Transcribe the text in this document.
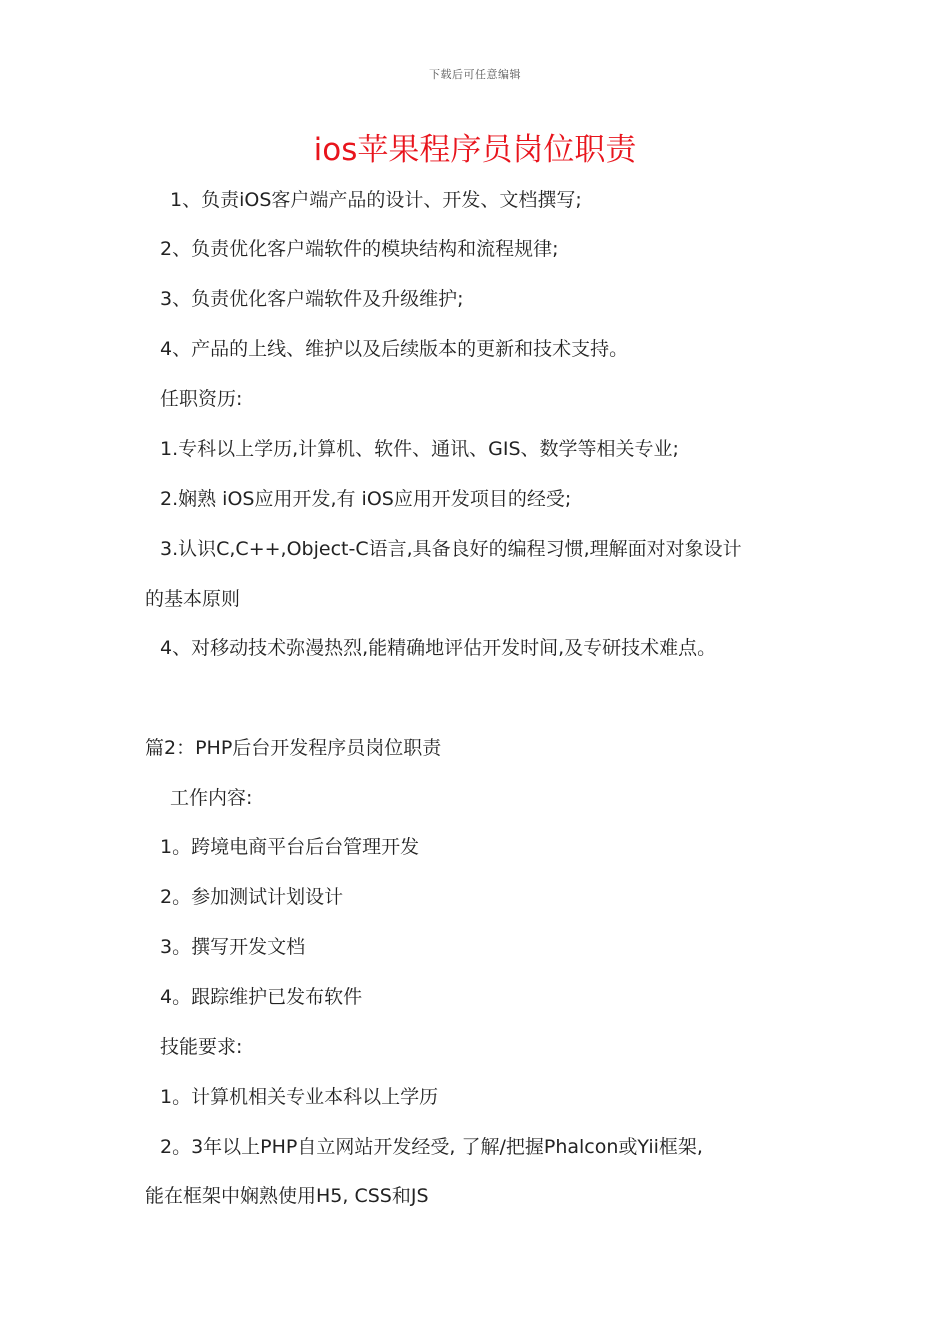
下载后可任意编辑
ios苹果程序员岗位职责
1、负责iOS客户端产品的设计、开发、文档撰写;
2、负责优化客户端软件的模块结构和流程规律;
3、负责优化客户端软件及升级维护;
4、产品的上线、维护以及后续版本的更新和技术支持。
任职资历:
1.专科以上学历,计算机、软件、通讯、GIS、数学等相关专业;
2.娴熟 iOS应用开发,有 iOS应用开发项目的经受;
3.认识C,C++,Object-C语言,具备良好的编程习惯,理解面对对象设计
的基本原则
4、对移动技术弥漫热烈,能精确地评估开发时间,及专研技术难点。
篇2：PHP后台开发程序员岗位职责
工作内容:
1。跨境电商平台后台管理开发
2。参加测试计划设计
3。撰写开发文档
4。跟踪维护已发布软件
技能要求:
1。计算机相关专业本科以上学历
2。3年以上PHP自立网站开发经受, 了解/把握Phalcon或Yii框架,
能在框架中娴熟使用H5, CSS和JS
